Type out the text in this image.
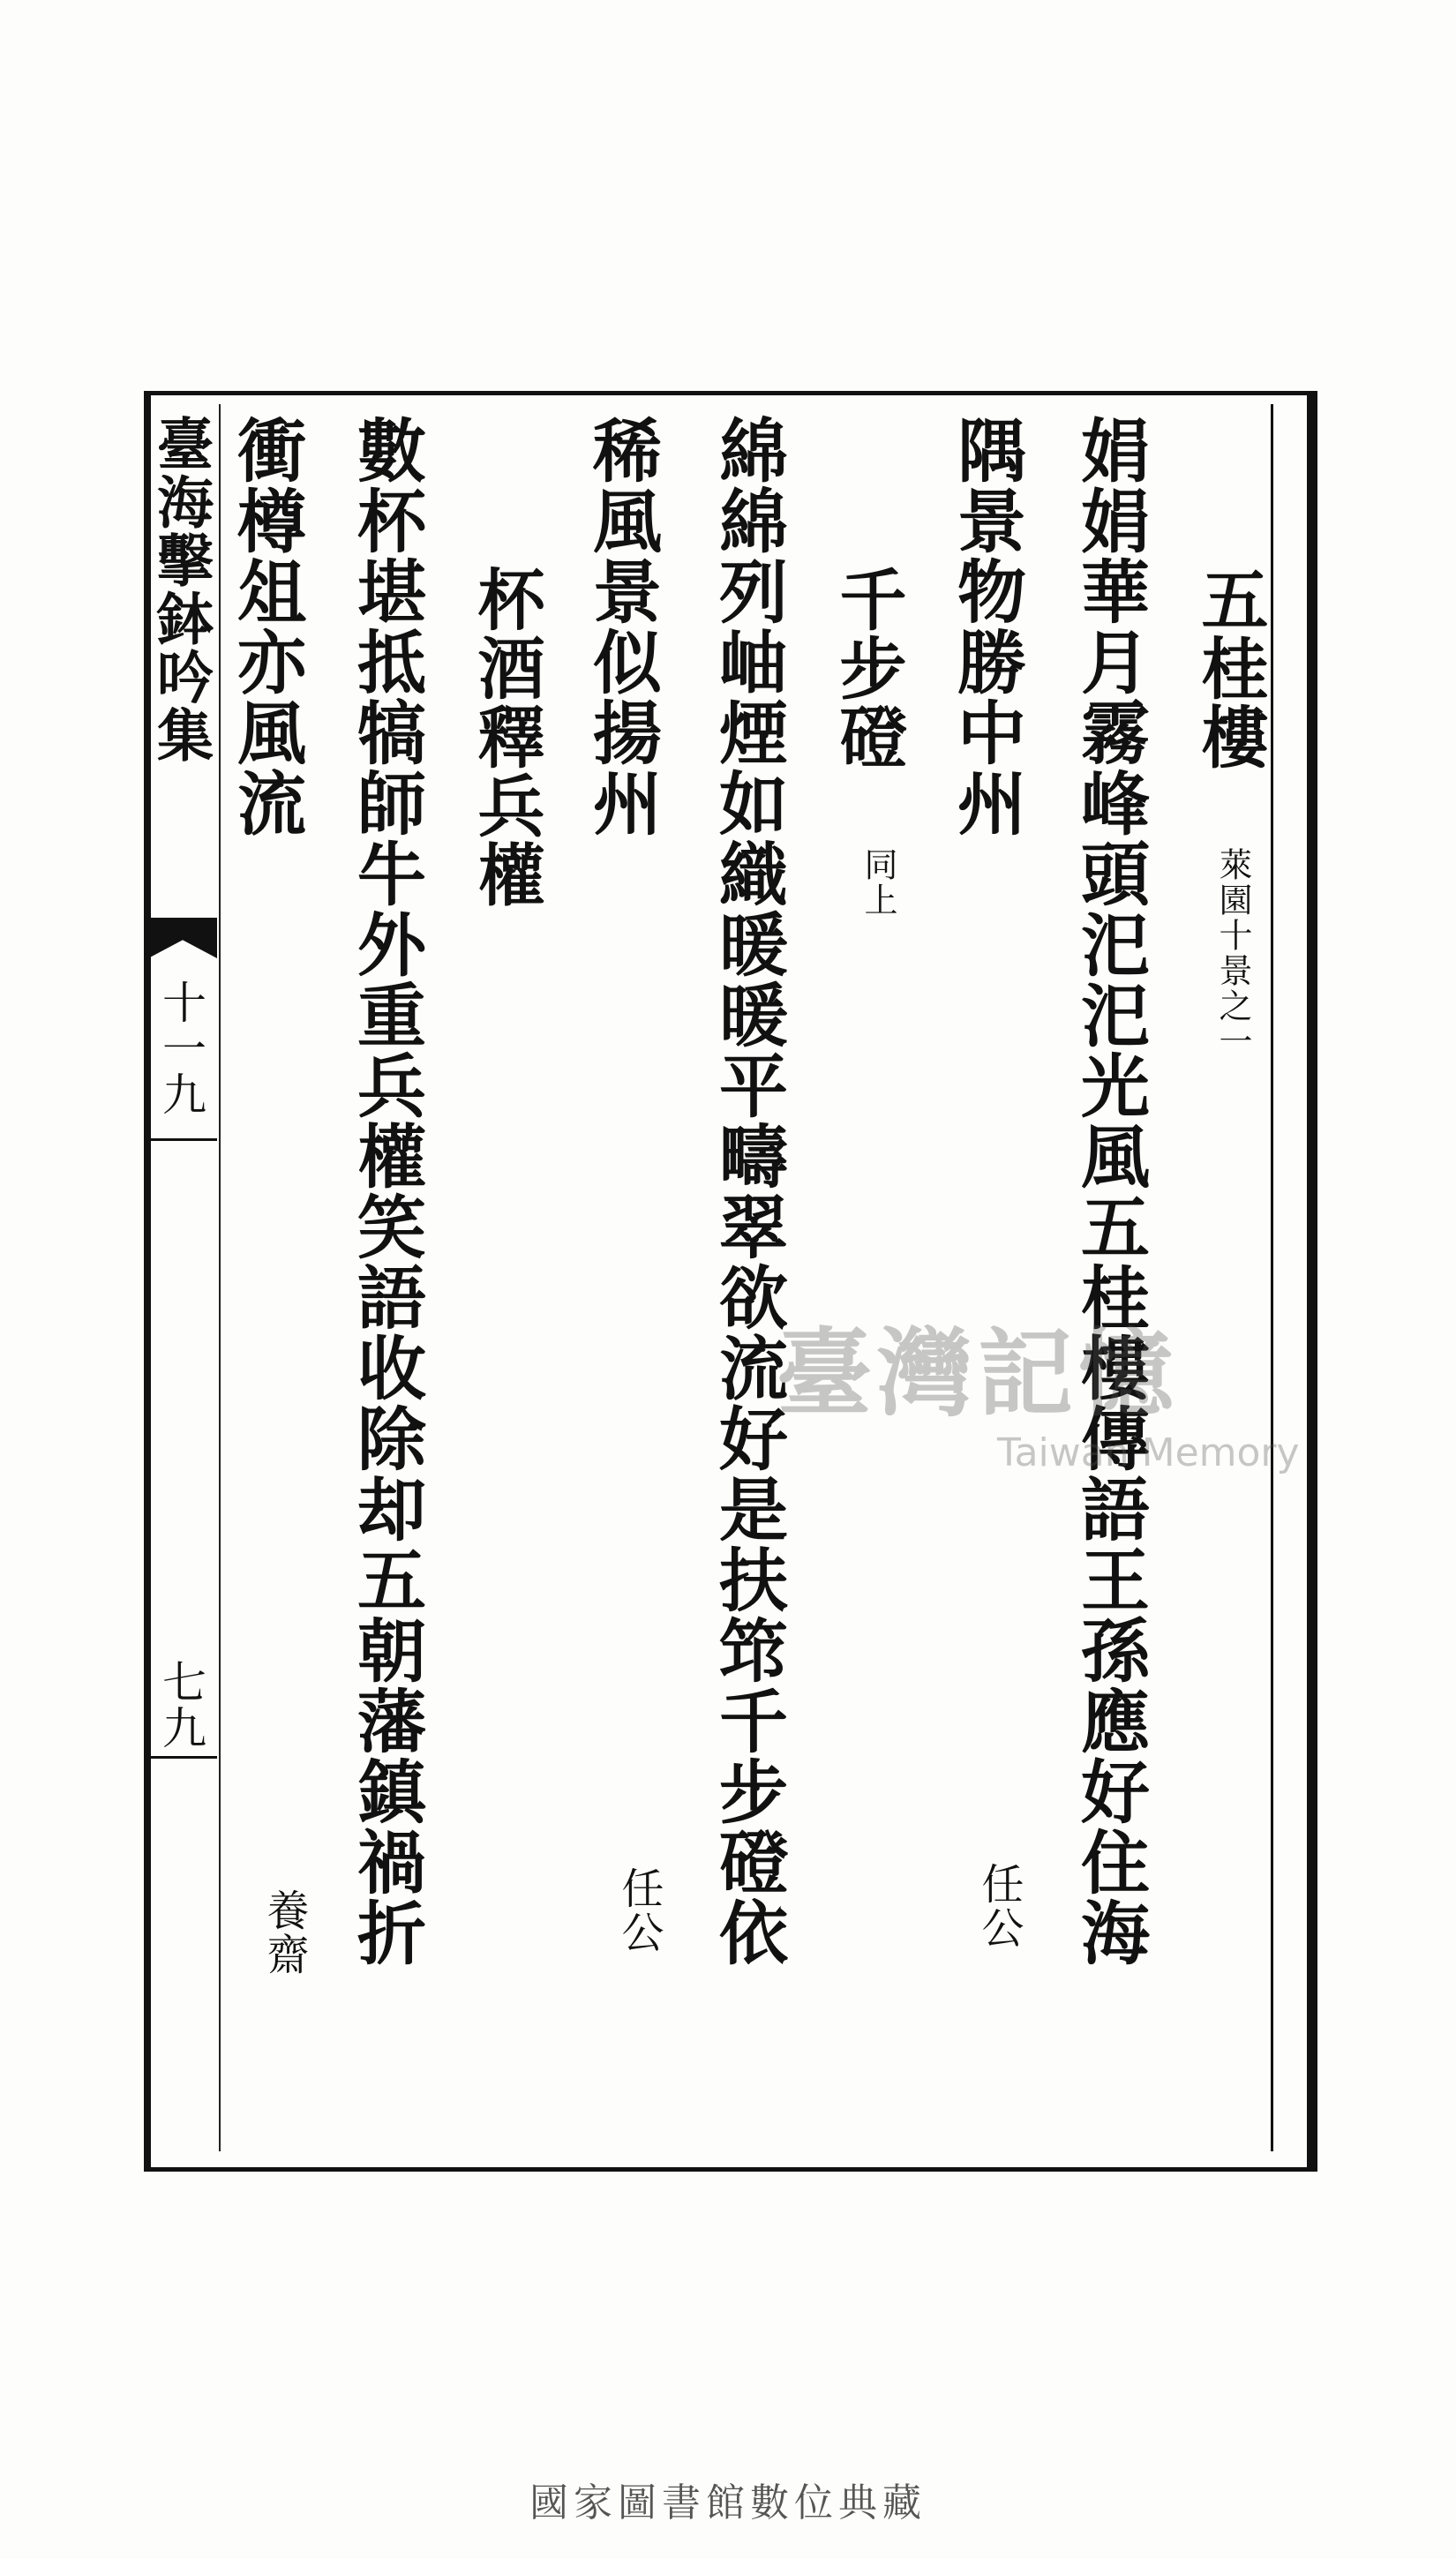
五桂樓
萊園十景之一
娟娟華月霧峰頭汜汜光風五桂樓傳語王孫應好住海
隅景物勝中州
任公
千步磴
同上
綿綿列岫煙如織暖暖平疇翠欲流好是扶筇千步磴依
稀風景似揚州
任公
杯酒釋兵權
數杯堪抵犒師牛外重兵權笑語收除却五朝藩鎮禍折
衝樽俎亦風流
養齋
臺海擊鉢吟集
十一九
七九
臺灣記憶
Taiwan Memory
國家圖書館數位典藏
